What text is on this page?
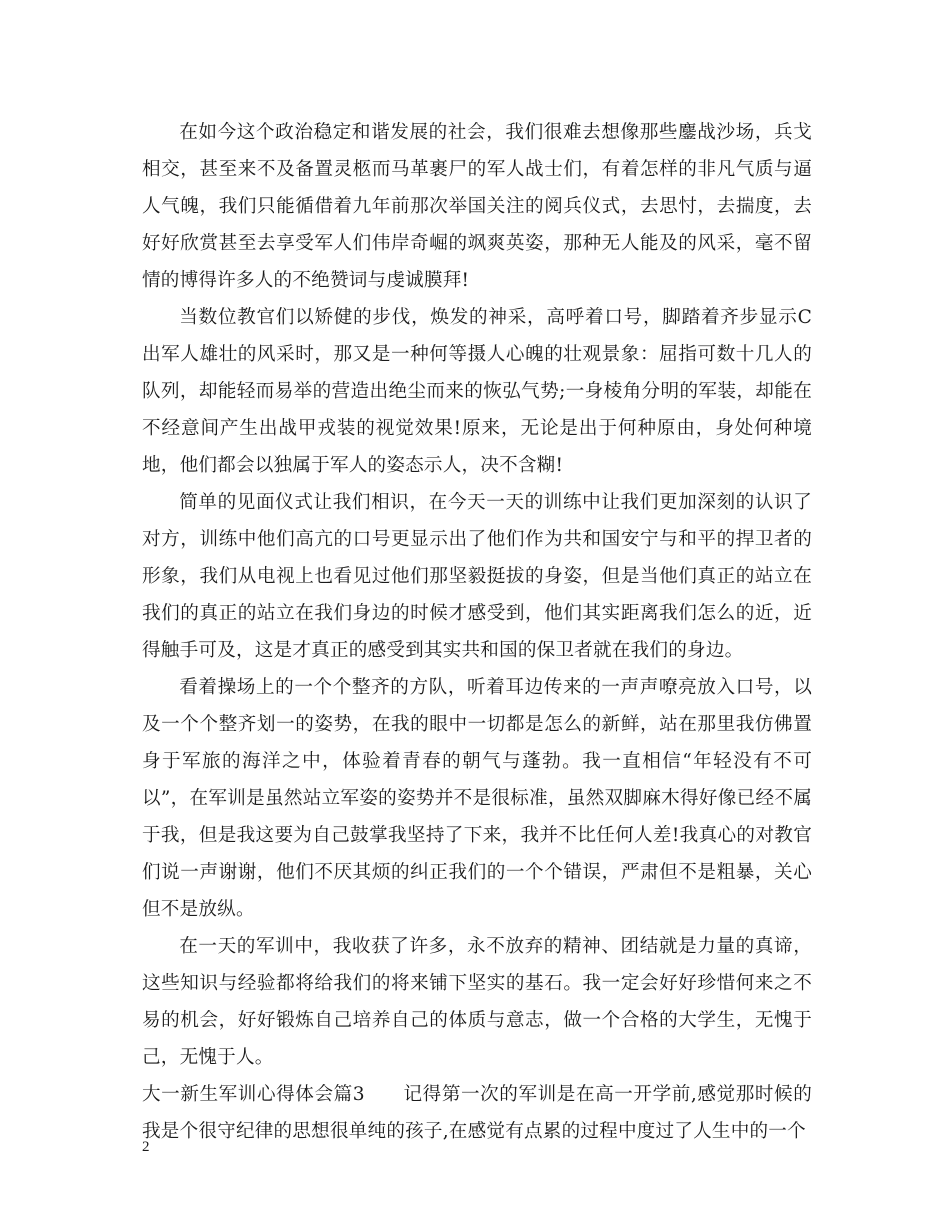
在如今这个政治稳定和谐发展的社会，我们很难去想像那些鏖战沙场，兵戈相交，甚至来不及备置灵柩而马革裹尸的军人战士们，有着怎样的非凡气质与逼人气魄，我们只能循借着九年前那次举国关注的阅兵仪式，去思忖，去揣度，去好好欣赏甚至去享受军人们伟岸奇崛的飒爽英姿，那种无人能及的风采，毫不留情的博得许多人的不绝赞词与虔诚膜拜!

当数位教官们以矫健的步伐，焕发的神采，高呼着口号，脚踏着齐步显示C出军人雄壮的风采时，那又是一种何等摄人心魄的壮观景象：屈指可数十几人的队列，却能轻而易举的营造出绝尘而来的恢弘气势;一身棱角分明的军装，却能在不经意间产生出战甲戎装的视觉效果!原来，无论是出于何种原由，身处何种境地，他们都会以独属于军人的姿态示人，决不含糊!

简单的见面仪式让我们相识，在今天一天的训练中让我们更加深刻的认识了对方，训练中他们高亢的口号更显示出了他们作为共和国安宁与和平的捍卫者的形象，我们从电视上也看见过他们那坚毅挺拔的身姿，但是当他们真正的站立在我们的真正的站立在我们身边的时候才感受到，他们其实距离我们怎么的近，近得触手可及，这是才真正的感受到其实共和国的保卫者就在我们的身边。

看着操场上的一个个整齐的方队，听着耳边传来的一声声嘹亮放入口号，以及一个个整齐划一的姿势，在我的眼中一切都是怎么的新鲜，站在那里我仿佛置身于军旅的海洋之中，体验着青春的朝气与蓬勃。我一直相信“年轻没有不可以”，在军训是虽然站立军姿的姿势并不是很标准，虽然双脚麻木得好像已经不属于我，但是我这要为自己鼓掌我坚持了下来，我并不比任何人差!我真心的对教官们说一声谢谢，他们不厌其烦的纠正我们的一个个错误，严肃但不是粗暴，关心但不是放纵。

在一天的军训中，我收获了许多，永不放弃的精神、团结就是力量的真谛，这些知识与经验都将给我们的将来铺下坚实的基石。我一定会好好珍惜何来之不易的机会，好好锻炼自己培养自己的体质与意志，做一个合格的大学生，无愧于己，无愧于人。

大一新生军训心得体会篇3　　记得第一次的军训是在高一开学前,感觉那时候的我是个很守纪律的思想很单纯的孩子,在感觉有点累的过程中度过了人生中的一个

2
